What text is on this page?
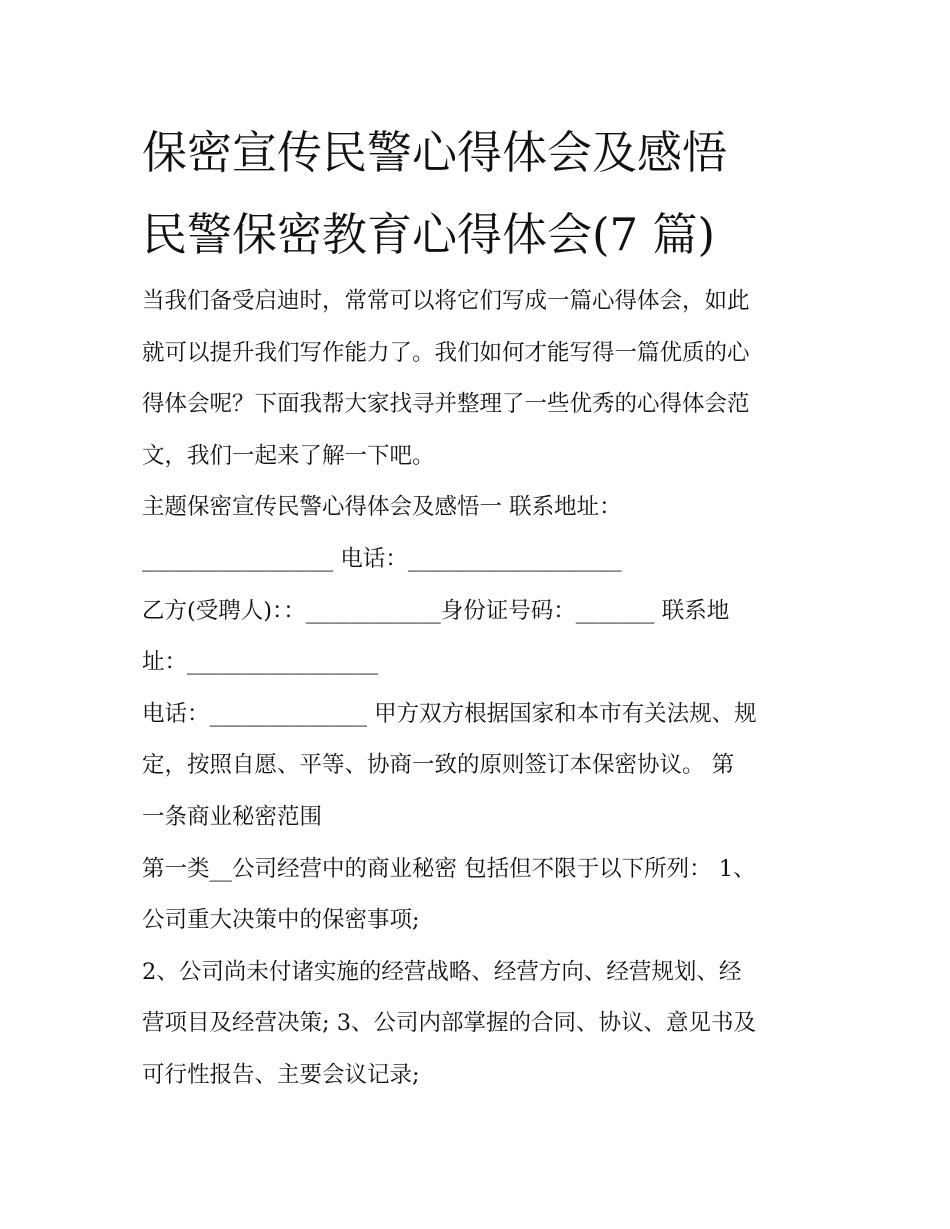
保密宣传民警心得体会及感悟
民警保密教育心得体会(7 篇)
当我们备受启迪时，常常可以将它们写成一篇心得体会，如此
就可以提升我们写作能力了。我们如何才能写得一篇优质的心
得体会呢？下面我帮大家找寻并整理了一些优秀的心得体会范
文，我们一起来了解一下吧。
主题保密宣传民警心得体会及感悟一 联系地址：
_________________ 电话：___________________
乙方(受聘人)：：____________身份证号码：_______ 联系地
址：_________________
电话：______________ 甲方双方根据国家和本市有关法规、规
定，按照自愿、平等、协商一致的原则签订本保密协议。 第
一条商业秘密范围
第一类__公司经营中的商业秘密 包括但不限于以下所列： 1、
公司重大决策中的保密事项;
2、公司尚未付诸实施的经营战略、经营方向、经营规划、经
营项目及经营决策; 3、公司内部掌握的合同、协议、意见书及
可行性报告、主要会议记录;
